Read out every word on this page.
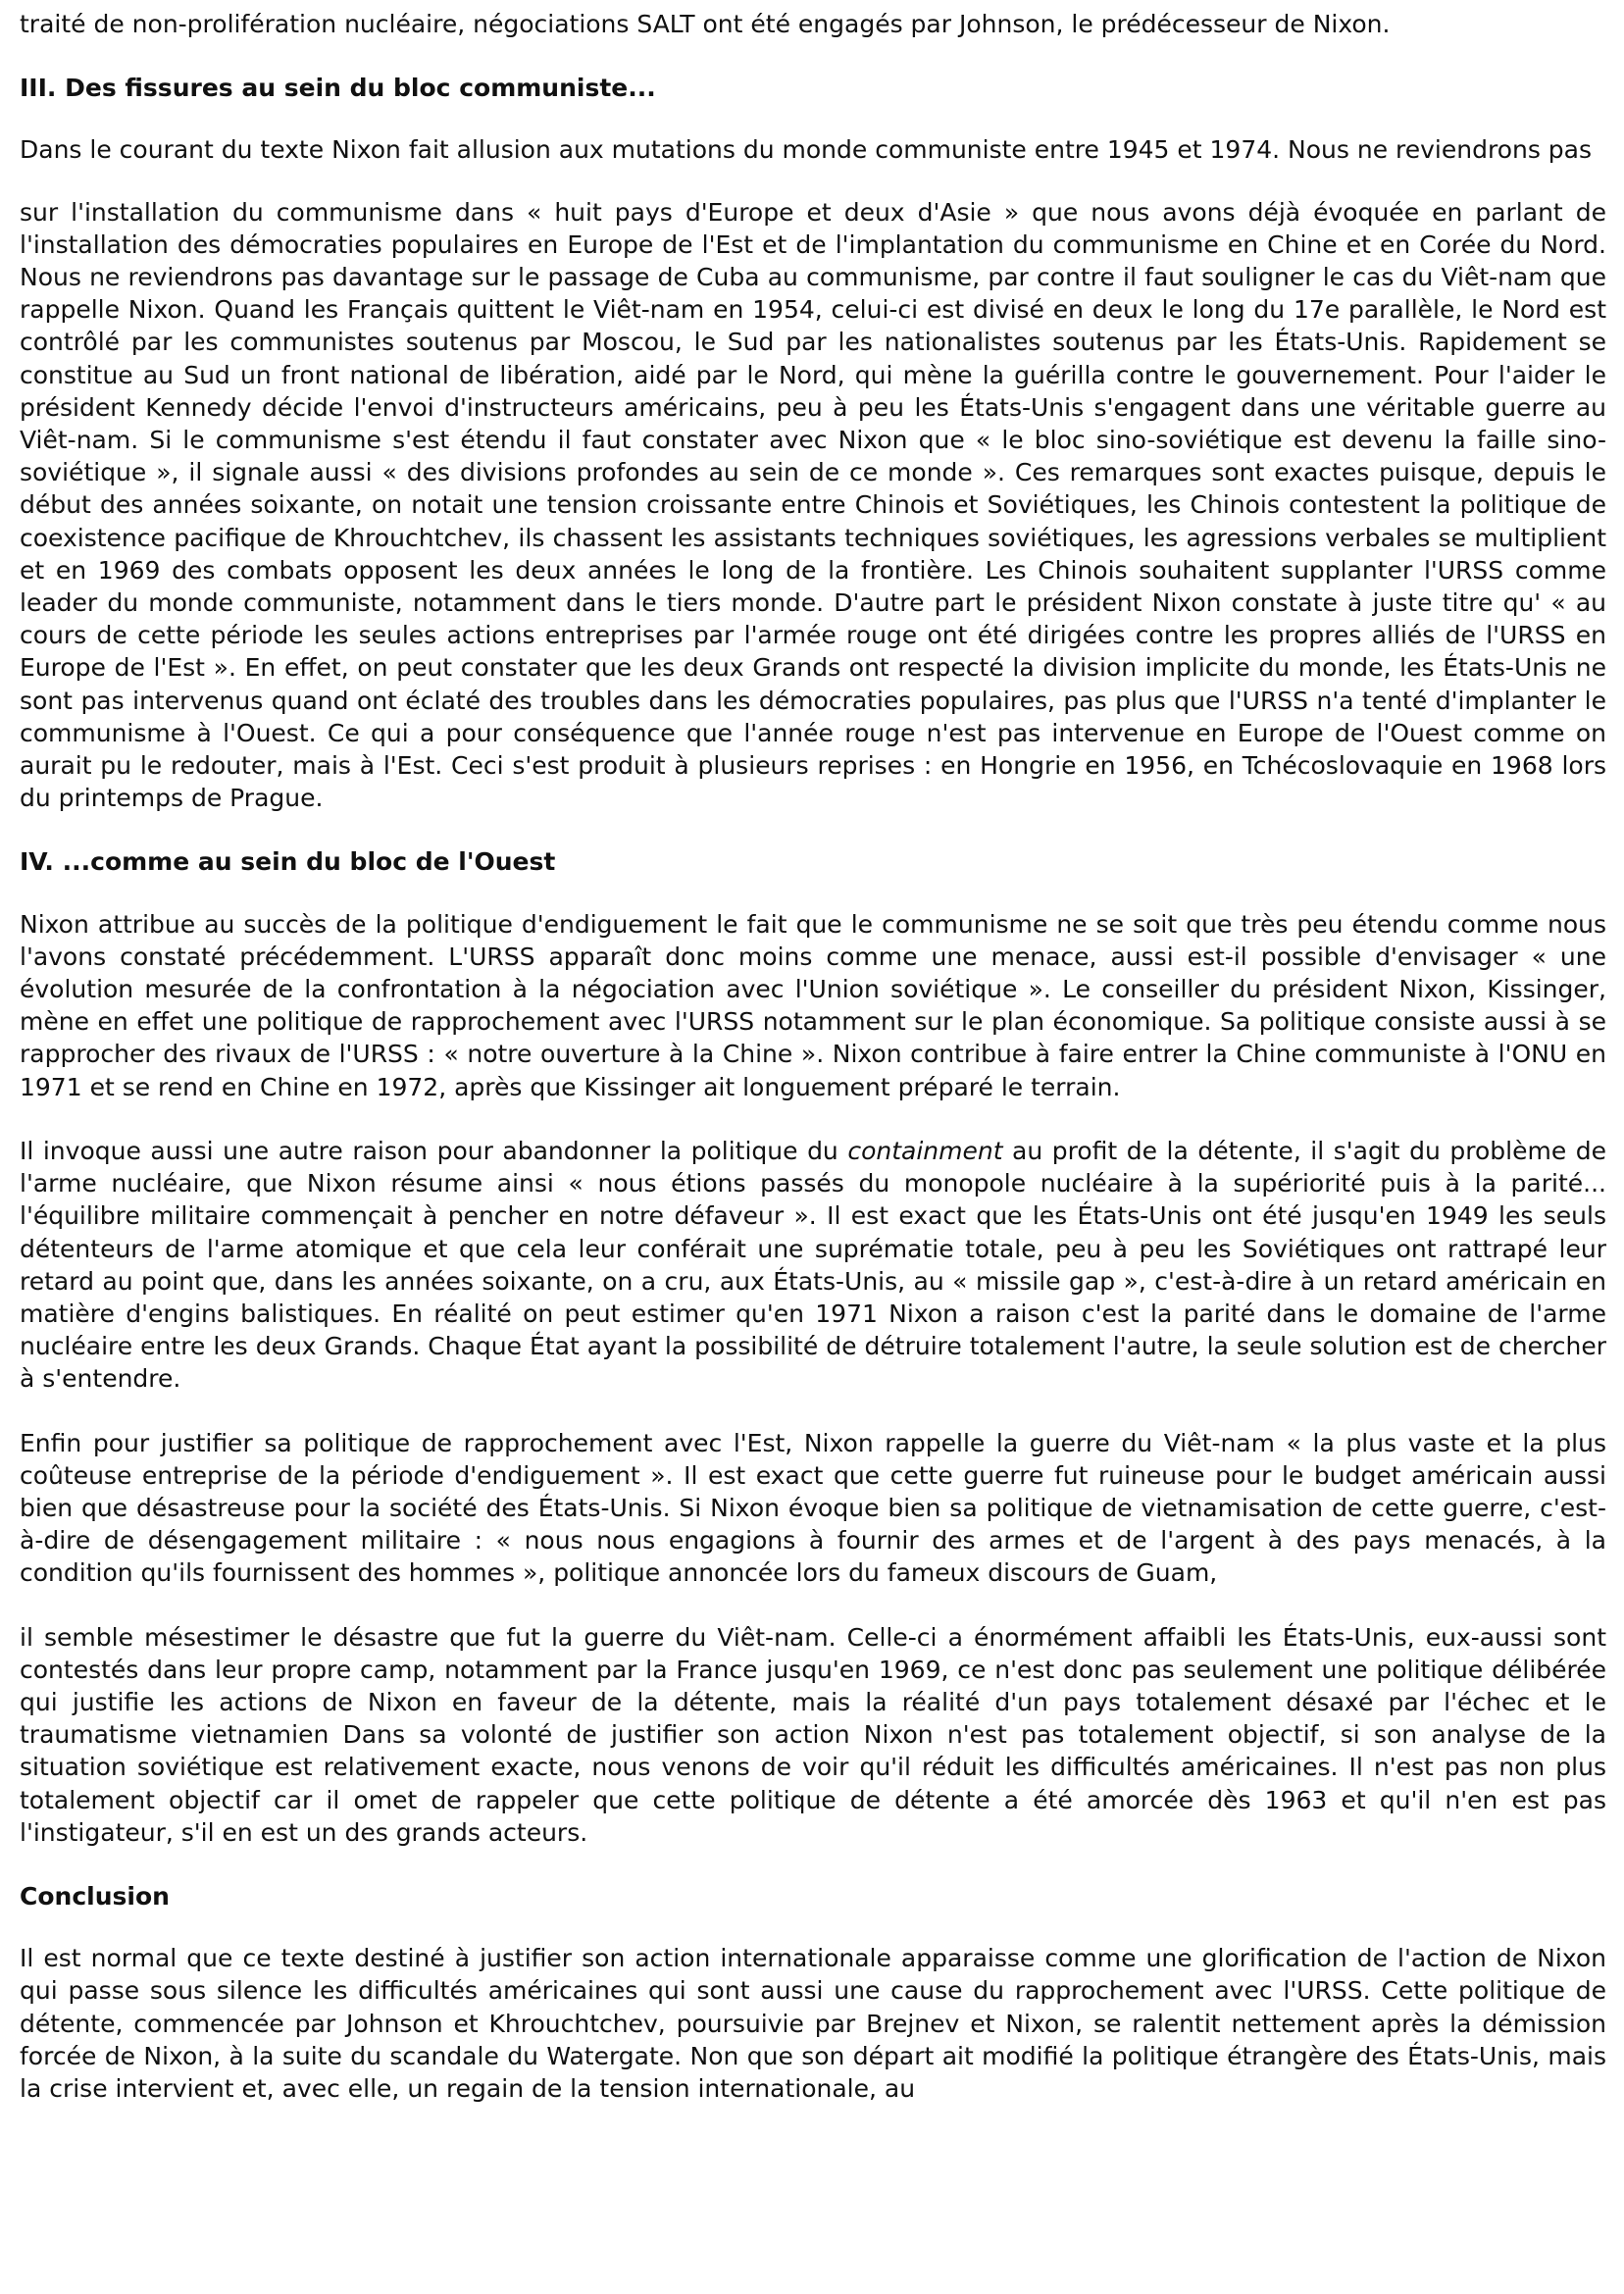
traité de non-prolifération nucléaire, négociations SALT ont été engagés par Johnson, le prédécesseur de Nixon.

III. Des fissures au sein du bloc communiste...

Dans le courant du texte Nixon fait allusion aux mutations du monde communiste entre 1945 et 1974. Nous ne reviendrons pas

sur l'installation du communisme dans « huit pays d'Europe et deux d'Asie » que nous avons déjà évoquée en parlant de l'installation des démocraties populaires en Europe de l'Est et de l'implantation du communisme en Chine et en Corée du Nord. Nous ne reviendrons pas davantage sur le passage de Cuba au communisme, par contre il faut souligner le cas du Viêt-nam que rappelle Nixon. Quand les Français quittent le Viêt-nam en 1954, celui-ci est divisé en deux le long du 17e parallèle, le Nord est contrôlé par les communistes soutenus par Moscou, le Sud par les nationalistes soutenus par les États-Unis. Rapidement se constitue au Sud un front national de libération, aidé par le Nord, qui mène la guérilla contre le gouvernement. Pour l'aider le président Kennedy décide l'envoi d'instructeurs américains, peu à peu les États-Unis s'engagent dans une véritable guerre au Viêt-nam. Si le communisme s'est étendu il faut constater avec Nixon que « le bloc sino-soviétique est devenu la faille sino-soviétique », il signale aussi « des divisions profondes au sein de ce monde ». Ces remarques sont exactes puisque, depuis le début des années soixante, on notait une tension croissante entre Chinois et Soviétiques, les Chinois contestent la politique de coexistence pacifique de Khrouchtchev, ils chassent les assistants techniques soviétiques, les agressions verbales se multiplient et en 1969 des combats opposent les deux années le long de la frontière. Les Chinois souhaitent supplanter l'URSS comme leader du monde communiste, notamment dans le tiers monde. D'autre part le président Nixon constate à juste titre qu' « au cours de cette période les seules actions entreprises par l'armée rouge ont été dirigées contre les propres alliés de l'URSS en Europe de l'Est ». En effet, on peut constater que les deux Grands ont respecté la division implicite du monde, les États-Unis ne sont pas intervenus quand ont éclaté des troubles dans les démocraties populaires, pas plus que l'URSS n'a tenté d'implanter le communisme à l'Ouest. Ce qui a pour conséquence que l'année rouge n'est pas intervenue en Europe de l'Ouest comme on aurait pu le redouter, mais à l'Est. Ceci s'est produit à plusieurs reprises : en Hongrie en 1956, en Tchécoslovaquie en 1968 lors du printemps de Prague.

IV. ...comme au sein du bloc de l'Ouest

Nixon attribue au succès de la politique d'endiguement le fait que le communisme ne se soit que très peu étendu comme nous l'avons constaté précédemment. L'URSS apparaît donc moins comme une menace, aussi est-il possible d'envisager « une évolution mesurée de la confrontation à la négociation avec l'Union soviétique ». Le conseiller du président Nixon, Kissinger, mène en effet une politique de rapprochement avec l'URSS notamment sur le plan économique. Sa politique consiste aussi à se rapprocher des rivaux de l'URSS : « notre ouverture à la Chine ». Nixon contribue à faire entrer la Chine communiste à l'ONU en 1971 et se rend en Chine en 1972, après que Kissinger ait longuement préparé le terrain.

Il invoque aussi une autre raison pour abandonner la politique du containment au profit de la détente, il s'agit du problème de l'arme nucléaire, que Nixon résume ainsi « nous étions passés du monopole nucléaire à la supériorité puis à la parité... l'équilibre militaire commençait à pencher en notre défaveur ». Il est exact que les États-Unis ont été jusqu'en 1949 les seuls détenteurs de l'arme atomique et que cela leur conférait une suprématie totale, peu à peu les Soviétiques ont rattrapé leur retard au point que, dans les années soixante, on a cru, aux États-Unis, au « missile gap », c'est-à-dire à un retard américain en matière d'engins balistiques. En réalité on peut estimer qu'en 1971 Nixon a raison c'est la parité dans le domaine de l'arme nucléaire entre les deux Grands. Chaque État ayant la possibilité de détruire totalement l'autre, la seule solution est de chercher à s'entendre.

Enfin pour justifier sa politique de rapprochement avec l'Est, Nixon rappelle la guerre du Viêt-nam « la plus vaste et la plus coûteuse entreprise de la période d'endiguement ». Il est exact que cette guerre fut ruineuse pour le budget américain aussi bien que désastreuse pour la société des États-Unis. Si Nixon évoque bien sa politique de vietnamisation de cette guerre, c'est-à-dire de désengagement militaire : « nous nous engagions à fournir des armes et de l'argent à des pays menacés, à la condition qu'ils fournissent des hommes », politique annoncée lors du fameux discours de Guam,

il semble mésestimer le désastre que fut la guerre du Viêt-nam. Celle-ci a énormément affaibli les États-Unis, eux-aussi sont contestés dans leur propre camp, notamment par la France jusqu'en 1969, ce n'est donc pas seulement une politique délibérée qui justifie les actions de Nixon en faveur de la détente, mais la réalité d'un pays totalement désaxé par l'échec et le traumatisme vietnamien Dans sa volonté de justifier son action Nixon n'est pas totalement objectif, si son analyse de la situation soviétique est relativement exacte, nous venons de voir qu'il réduit les difficultés américaines. Il n'est pas non plus totalement objectif car il omet de rappeler que cette politique de détente a été amorcée dès 1963 et qu'il n'en est pas l'instigateur, s'il en est un des grands acteurs.

Conclusion

Il est normal que ce texte destiné à justifier son action internationale apparaisse comme une glorification de l'action de Nixon qui passe sous silence les difficultés américaines qui sont aussi une cause du rapprochement avec l'URSS. Cette politique de détente, commencée par Johnson et Khrouchtchev, poursuivie par Brejnev et Nixon, se ralentit nettement après la démission forcée de Nixon, à la suite du scandale du Watergate. Non que son départ ait modifié la politique étrangère des États-Unis, mais la crise intervient et, avec elle, un regain de la tension internationale, au
